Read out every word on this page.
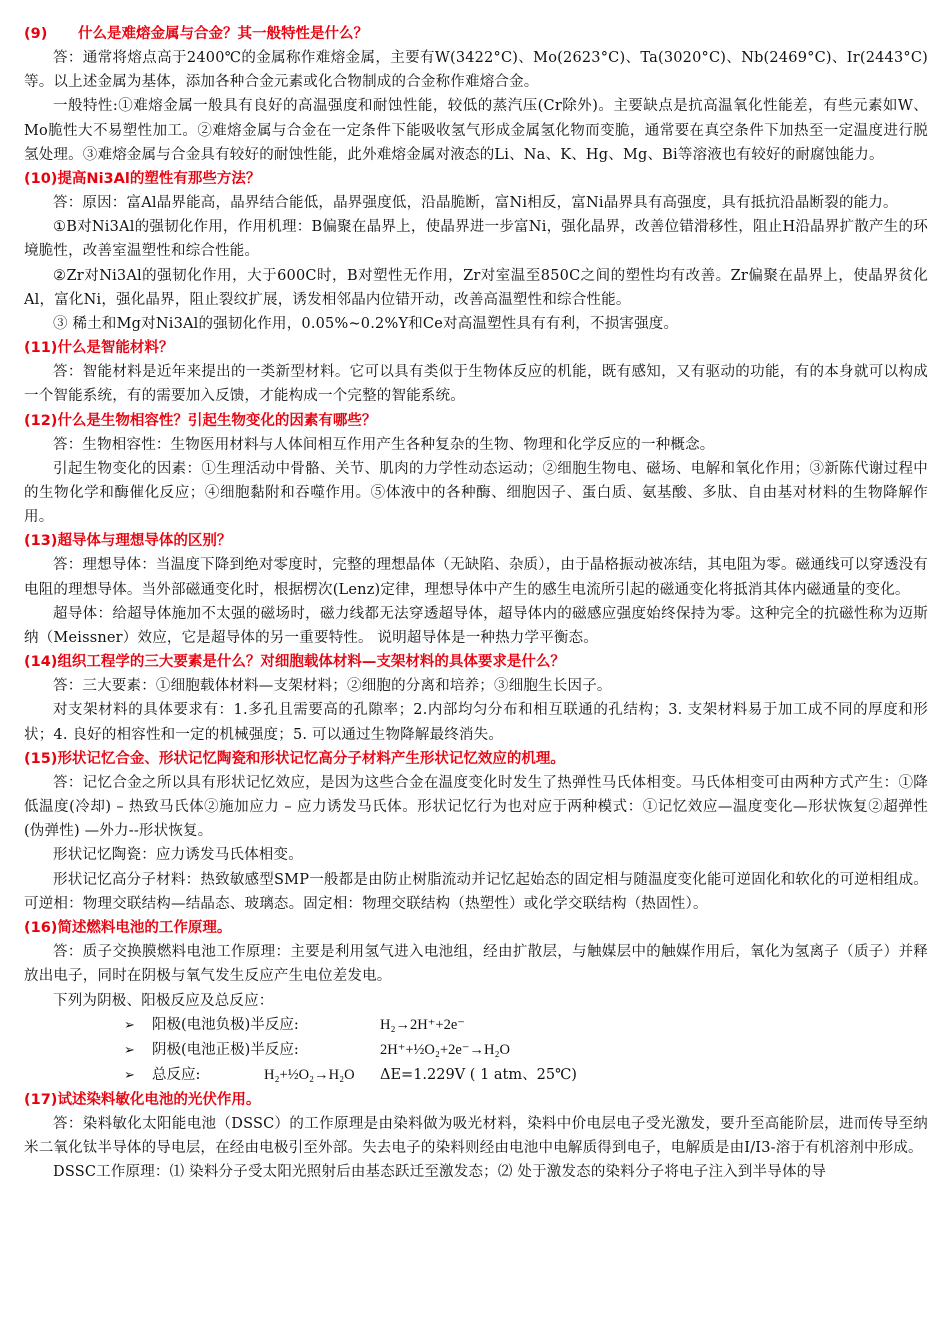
(9) 什么是难熔金属与合金？其一般特性是什么？

答：通常将熔点高于2400℃的金属称作难熔金属，主要有W(3422°C)、Mo(2623°C)、Ta(3020°C)、Nb(2469°C)、Ir(2443°C)等。以上述金属为基体，添加各种合金元素或化合物制成的合金称作难熔合金。

一般特性:①难熔金属一般具有良好的高温强度和耐蚀性能，较低的蒸汽压(Cr除外)。主要缺点是抗高温氧化性能差，有些元素如W、Mo脆性大不易塑性加工。②难熔金属与合金在一定条件下能吸收氢气形成金属氢化物而变脆，通常要在真空条件下加热至一定温度进行脱氢处理。③难熔金属与合金具有较好的耐蚀性能，此外难熔金属对液态的Li、Na、K、Hg、Mg、Bi等溶液也有较好的耐腐蚀能力。

(10)提高Ni3Al的塑性有那些方法？

答：原因：富Al晶界能高，晶界结合能低，晶界强度低，沿晶脆断，富Ni相反，富Ni晶界具有高强度，具有抵抗沿晶断裂的能力。

①B对Ni3Al的强韧化作用，作用机理：B偏聚在晶界上，使晶界进一步富Ni，强化晶界，改善位错滑移性，阻止H沿晶界扩散产生的环境脆性，改善室温塑性和综合性能。

②Zr对Ni3Al的强韧化作用，大于600C时，B对塑性无作用，Zr对室温至850C之间的塑性均有改善。Zr偏聚在晶界上，使晶界贫化Al，富化Ni，强化晶界，阻止裂纹扩展，诱发相邻晶内位错开动，改善高温塑性和综合性能。

③ 稀土和Mg对Ni3Al的强韧化作用，0.05%~0.2%Y和Ce对高温塑性具有有利，不损害强度。

(11)什么是智能材料？

答：智能材料是近年来提出的一类新型材料。它可以具有类似于生物体反应的机能，既有感知，又有驱动的功能，有的本身就可以构成一个智能系统，有的需要加入反馈，才能构成一个完整的智能系统。

(12)什么是生物相容性？引起生物变化的因素有哪些？

答：生物相容性：生物医用材料与人体间相互作用产生各种复杂的生物、物理和化学反应的一种概念。

引起生物变化的因素：①生理活动中骨骼、关节、肌肉的力学性动态运动；②细胞生物电、磁场、电解和氧化作用；③新陈代谢过程中的生物化学和酶催化反应；④细胞黏附和吞噬作用。⑤体液中的各种酶、细胞因子、蛋白质、氨基酸、多肽、自由基对材料的生物降解作用。

(13)超导体与理想导体的区别？

答：理想导体：当温度下降到绝对零度时，完整的理想晶体（无缺陷、杂质），由于晶格振动被冻结，其电阻为零。磁通线可以穿透没有电阻的理想导体。当外部磁通变化时，根据楞次(Lenz)定律，理想导体中产生的感生电流所引起的磁通变化将抵消其体内磁通量的变化。

超导体：给超导体施加不太强的磁场时，磁力线都无法穿透超导体，超导体内的磁感应强度始终保持为零。这种完全的抗磁性称为迈斯纳（Meissner）效应，它是超导体的另一重要特性。 说明超导体是一种热力学平衡态。

(14)组织工程学的三大要素是什么？对细胞载体材料—支架材料的具体要求是什么？

答：三大要素：①细胞载体材料—支架材料；②细胞的分离和培养；③细胞生长因子。

对支架材料的具体要求有：1.多孔且需要高的孔隙率；2.内部均匀分布和相互联通的孔结构；3. 支架材料易于加工成不同的厚度和形状；4. 良好的相容性和一定的机械强度；5. 可以通过生物降解最终消失。

(15)形状记忆合金、形状记忆陶瓷和形状记忆高分子材料产生形状记忆效应的机理。

答：记忆合金之所以具有形状记忆效应，是因为这些合金在温度变化时发生了热弹性马氏体相变。马氏体相变可由两种方式产生：①降低温度(冷却) – 热致马氏体②施加应力 – 应力诱发马氏体。形状记忆行为也对应于两种模式：①记忆效应—温度变化—形状恢复②超弹性(伪弹性) —外力--形状恢复。

形状记忆陶瓷：应力诱发马氏体相变。

形状记忆高分子材料：热致敏感型SMP一般都是由防止树脂流动并记忆起始态的固定相与随温度变化能可逆固化和软化的可逆相组成。可逆相：物理交联结构—结晶态、玻璃态。固定相：物理交联结构（热塑性）或化学交联结构（热固性）。

(16)简述燃料电池的工作原理。

答：质子交换膜燃料电池工作原理：主要是利用氢气进入电池组，经由扩散层，与触媒层中的触媒作用后，氧化为氢离子（质子）并释放出电子，同时在阴极与氧气发生反应产生电位差发电。

下列为阴极、阳极反应及总反应：

➢ 阳极(电池负极)半反应:	H₂→2H⁺+2e⁻
➢ 阴极(电池正极)半反应:	2H⁺+½O₂+2e⁻→H₂O
➢ 总反应:	H₂+½O₂→H₂O ΔE=1.229V ( 1 atm、25℃)

(17)试述染料敏化电池的光伏作用。

答：染料敏化太阳能电池（DSSC）的工作原理是由染料做为吸光材料，染料中价电层电子受光激发，要升至高能阶层，进而传导至纳米二氧化钛半导体的导电层，在经由电极引至外部。失去电子的染料则经由电池中电解质得到电子，电解质是由I/I3-溶于有机溶剂中形成。

DSSC工作原理：⑴ 染料分子受太阳光照射后由基态跃迁至激发态；⑵ 处于激发态的染料分子将电子注入到半导体的导
